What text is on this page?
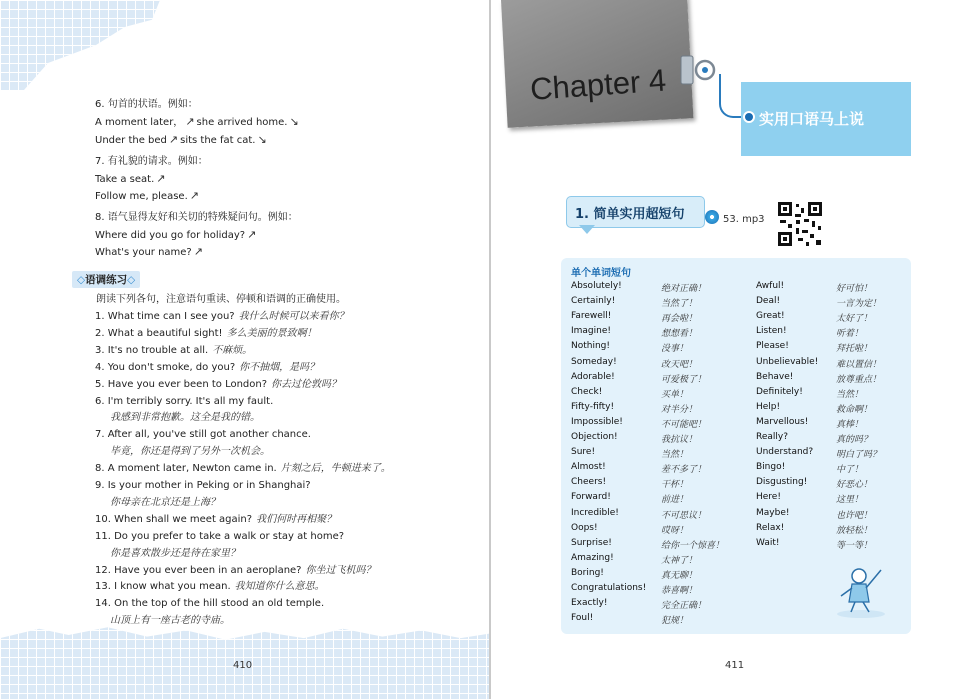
6. 句首的状语。例如：
A moment later， ↗ she arrived home. ↘
Under the bed ↗ sits the fat cat. ↘
7. 有礼貌的请求。例如：
Take a seat. ↗
Follow me, please. ↗
8. 语气显得友好和关切的特殊疑问句。例如：
Where did you go for holiday? ↗
What's your name? ↗
◇语调练习◇
朗读下列各句，注意语句重读、停顿和语调的正确使用。
1. What time can I see you? 我什么时候可以来看你？
2. What a beautiful sight! 多么美丽的景致啊！
3. It's no trouble at all. 不麻烦。
4. You don't smoke, do you? 你不抽烟，是吗？
5. Have you ever been to London? 你去过伦敦吗？
6. I'm terribly sorry. It's all my fault.
我感到非常抱歉。这全是我的错。
7. After all, you've still got another chance.
毕竟，你还是得到了另外一次机会。
8. A moment later, Newton came in. 片刻之后，牛顿进来了。
9. Is your mother in Peking or in Shanghai?
你母亲在北京还是上海？
10. When shall we meet again? 我们何时再相聚？
11. Do you prefer to take a walk or stay at home?
你是喜欢散步还是待在家里？
12. Have you ever been in an aeroplane? 你坐过飞机吗？
13. I know what you mean. 我知道你什么意思。
14. On the top of the hill stood an old temple.
山顶上有一座古老的寺庙。
410
Chapter 4
实用口语马上说
1. 简单实用超短句	53. mp3
单个单词短句
Absolutely!	绝对正确！
Certainly!	当然了！
Farewell!	再会啦！
Imagine!	想想看！
Nothing!	没事！
Someday!	改天吧！
Adorable!	可爱极了！
Check!	买单！
Fifty-fifty!	对半分！
Impossible!	不可能吧！
Objection!	我抗议！
Sure!	当然！
Almost!	差不多了！
Cheers!	干杯！
Forward!	前进！
Incredible!	不可思议！
Oops!	哎呀！
Surprise!	给你一个惊喜！
Amazing!	太神了！
Boring!	真无聊！
Congratulations! 恭喜啊！
Exactly!	完全正确！
Foul!	犯规！
Awful!	好可怕！
Deal!	一言为定！
Great!	太好了！
Listen!	听着！
Please!	拜托啦！
Unbelievable! 难以置信！
Behave!	放尊重点！
Definitely!	当然！
Help!	救命啊！
Marvellous!	真棒！
Really?	真的吗？
Understand?	明白了吗？
Bingo!	中了！
Disgusting!	好恶心！
Here!	这里！
Maybe!	也许吧！
Relax!	放轻松！
Wait!	等一等！
411
